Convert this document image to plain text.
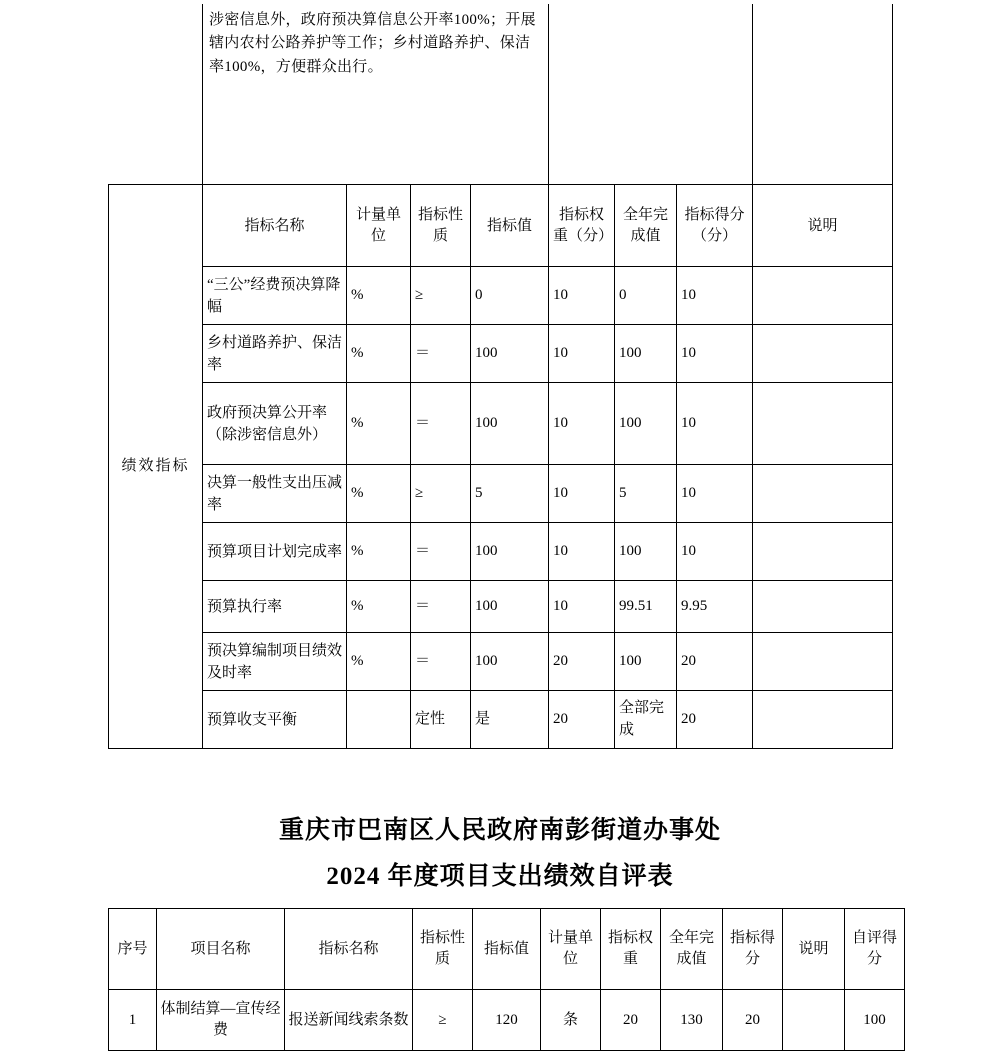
	涉密信息外，政府预决算信息公开率100%；开展辖内农村公路养护等工作；乡村道路养护、保洁率100%，方便群众出行。							
绩效指标	指标名称	计量单位	指标性质	指标值	指标权重（分）	全年完成值	指标得分（分）	说明
	“三公”经费预决算降幅	%	≥	0	10	0	10	
	乡村道路养护、保洁率	%	＝	100	10	100	10	
	政府预决算公开率（除涉密信息外）	%	＝	100	10	100	10	
	决算一般性支出压减率	%	≥	5	10	5	10	
	预算项目计划完成率	%	＝	100	10	100	10	
	预算执行率	%	＝	100	10	99.51	9.95	
	预决算编制项目绩效及时率	%	＝	100	20	100	20	
	预算收支平衡		定性	是	20	全部完成	20	
重庆市巴南区人民政府南彭街道办事处
2024 年度项目支出绩效自评表
序号	项目名称	指标名称	指标性质	指标值	计量单位	指标权重	全年完成值	指标得分	说明	自评得分
1	体制结算—宣传经费	报送新闻线索条数	≥	120	条	20	130	20		100
